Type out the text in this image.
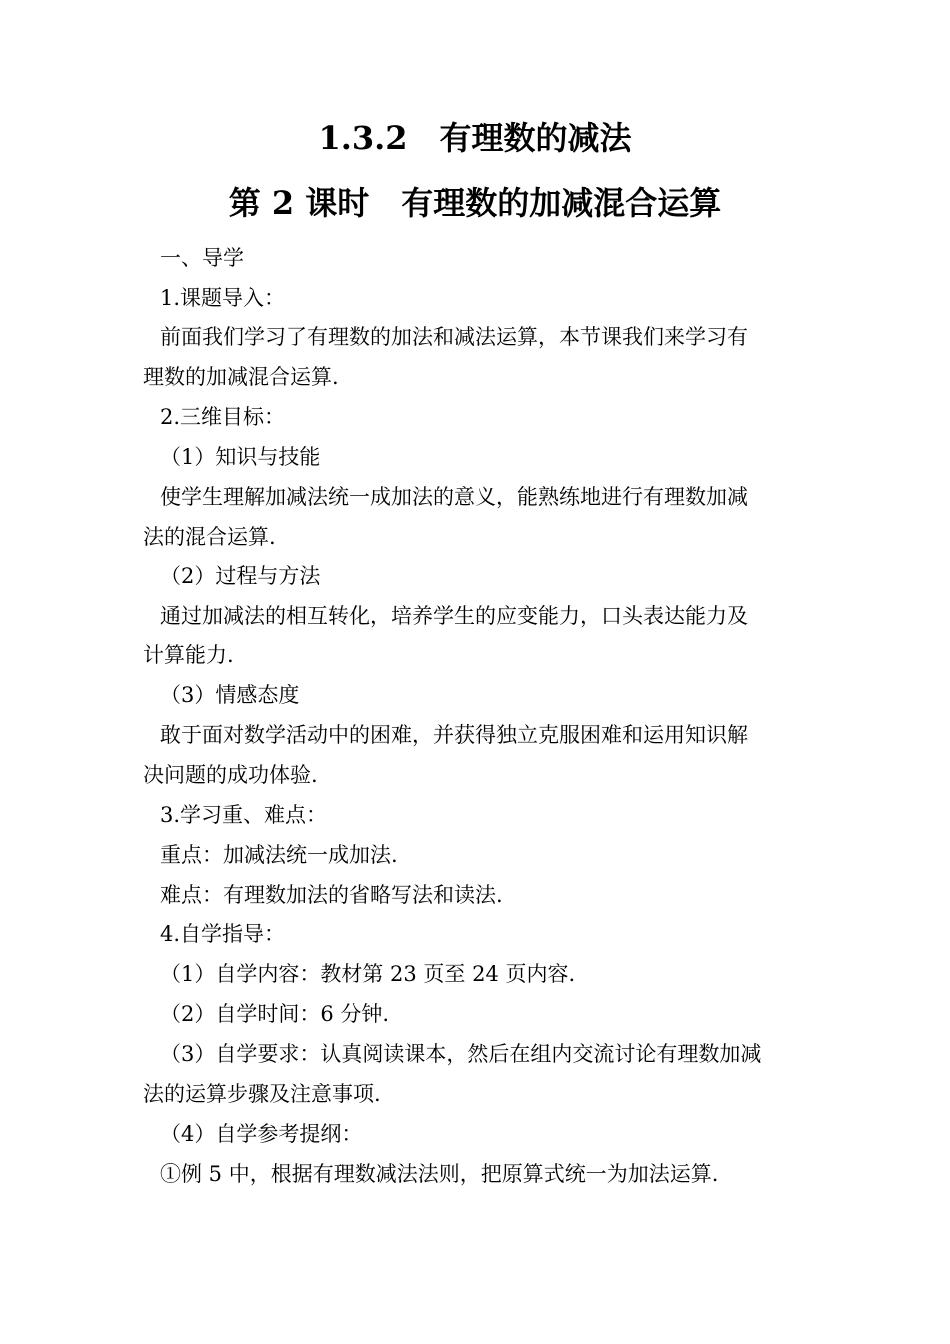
1.3.2　有理数的减法
第 2 课时　有理数的加减混合运算
一、导学
1.课题导入：
前面我们学习了有理数的加法和减法运算，本节课我们来学习有
理数的加减混合运算.
2.三维目标：
（1）知识与技能
使学生理解加减法统一成加法的意义，能熟练地进行有理数加减
法的混合运算.
（2）过程与方法
通过加减法的相互转化，培养学生的应变能力，口头表达能力及
计算能力.
（3）情感态度
敢于面对数学活动中的困难，并获得独立克服困难和运用知识解
决问题的成功体验.
3.学习重、难点：
重点：加减法统一成加法.
难点：有理数加法的省略写法和读法.
4.自学指导：
（1）自学内容：教材第 23 页至 24 页内容.
（2）自学时间：6 分钟.
（3）自学要求：认真阅读课本，然后在组内交流讨论有理数加减
法的运算步骤及注意事项.
（4）自学参考提纲：
①例 5 中，根据有理数减法法则，把原算式统一为加法运算.
